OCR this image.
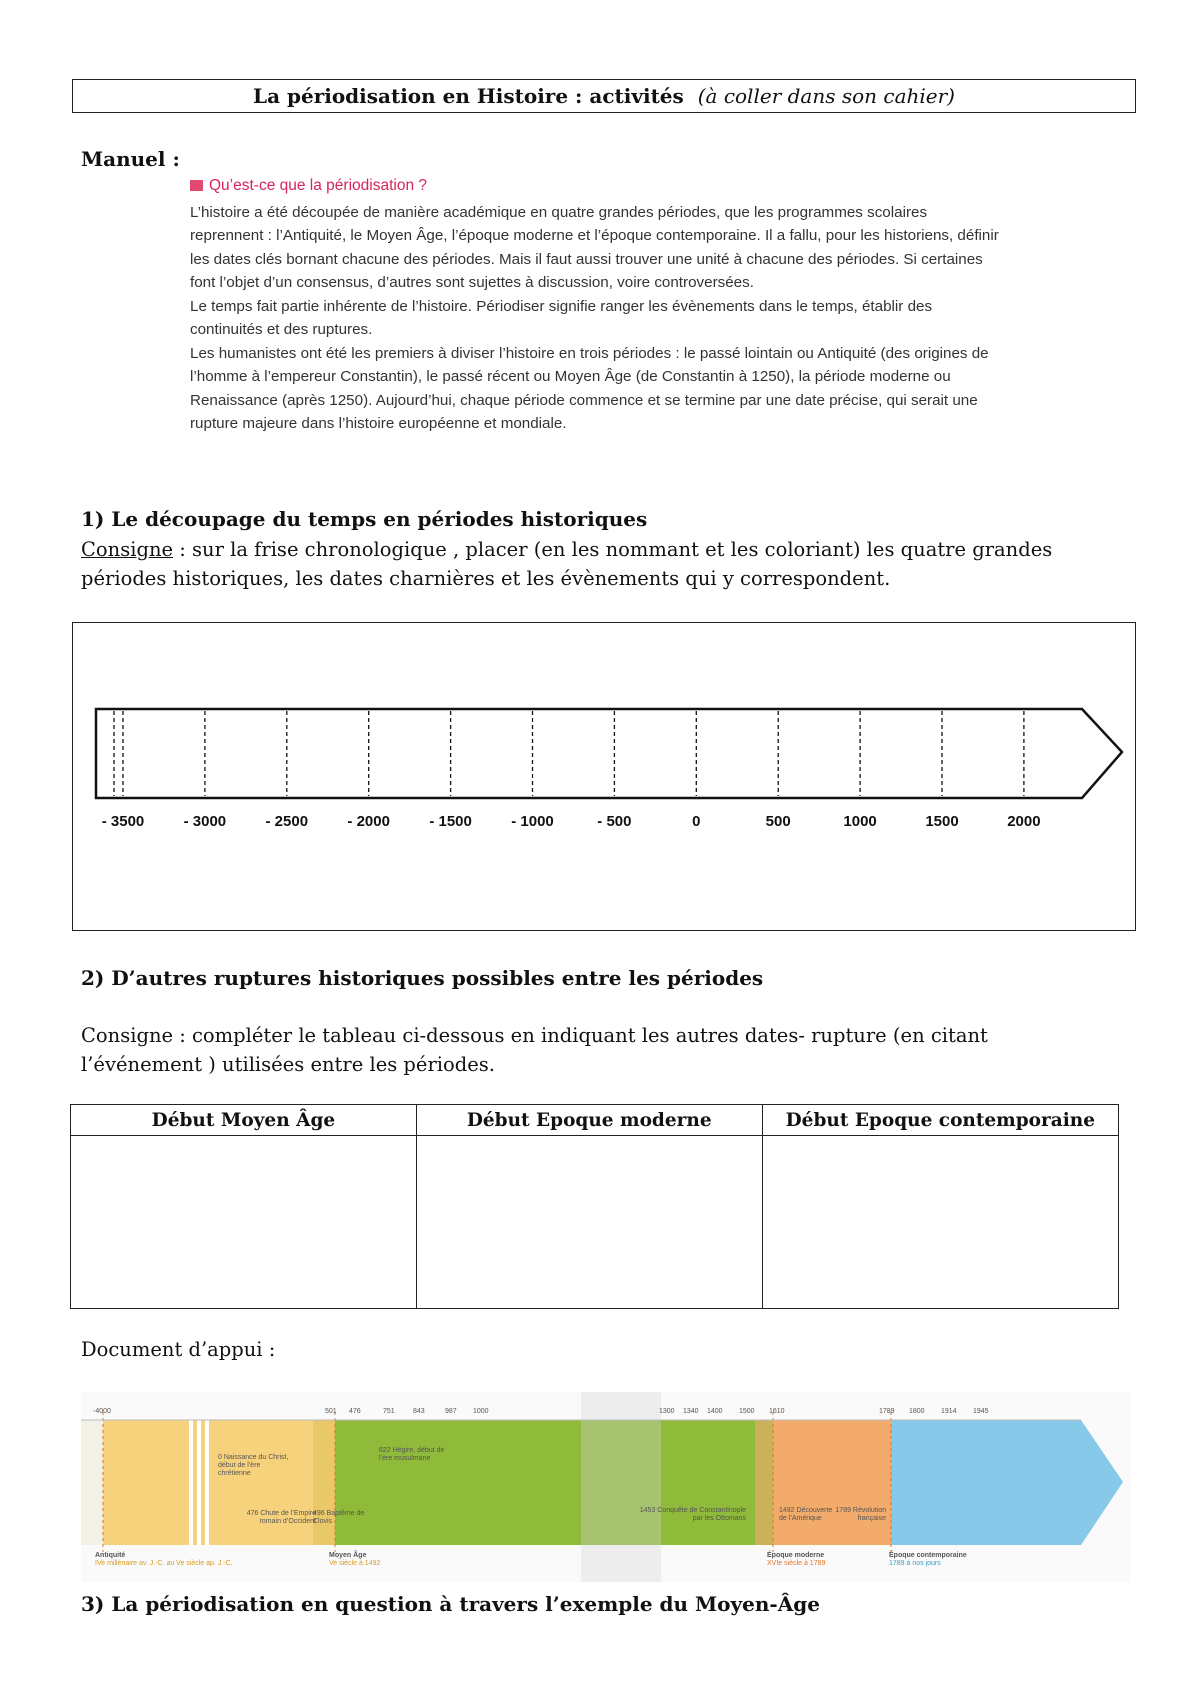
La périodisation en Histoire : activités (à coller dans son cahier)
Manuel :
Qu’est-ce que la périodisation ?

L’histoire a été découpée de manière académique en quatre grandes périodes, que les programmes scolaires reprennent : l’Antiquité, le Moyen Âge, l’époque moderne et l’époque contemporaine. Il a fallu, pour les historiens, définir les dates clés bornant chacune des périodes. Mais il faut aussi trouver une unité à chacune des périodes. Si certaines font l’objet d’un consensus, d’autres sont sujettes à discussion, voire controversées.

Le temps fait partie inhérente de l’histoire. Périodiser signifie ranger les évènements dans le temps, établir des continuités et des ruptures.

Les humanistes ont été les premiers à diviser l’histoire en trois périodes : le passé lointain ou Antiquité (des origines de l’homme à l’empereur Constantin), le passé récent ou Moyen Âge (de Constantin à 1250), la période moderne ou Renaissance (après 1250). Aujourd’hui, chaque période commence et se termine par une date précise, qui serait une rupture majeure dans l’histoire européenne et mondiale.

1) Le découpage du temps en périodes historiques
Consigne : sur la frise chronologique , placer (en les nommant et les coloriant) les quatre grandes périodes historiques, les dates charnières et les évènements qui y correspondent.
- 3500	- 3000	- 2500	- 2000	- 1500	- 1000	- 500	0	500	1000	1500	2000
2) D’autres ruptures historiques possibles entre les périodes
Consigne : compléter le tableau ci-dessous en indiquant les autres dates- rupture (en citant l’événement ) utilisées entre les périodes.
Début Moyen Âge	Début Epoque moderne	Début Epoque contemporaine

Document d’appui :
-4000	501 476	751	843	987 1000	1300 1340 1400 1500 1610	1789 1800 1914 1945
0 Naissance du Christ, début de l’ère chrétienne
476 Chute de l’Empire romain d’Occident
496 Baptême de Clovis
622 Hégire, début de l’ère musulmane
1453 Conquête de Constantinople par les Ottomans
1492 Découverte de l’Amérique
1789 Révolution française
Antiquité
IVe millénaire av. J.-C. au Ve siècle ap. J.-C.
Moyen Âge
Ve siècle à 1492
Époque moderne
XVIe siècle à 1789
Époque contemporaine
1789 à nos jours
3) La périodisation en question à travers l’exemple du Moyen-Âge
